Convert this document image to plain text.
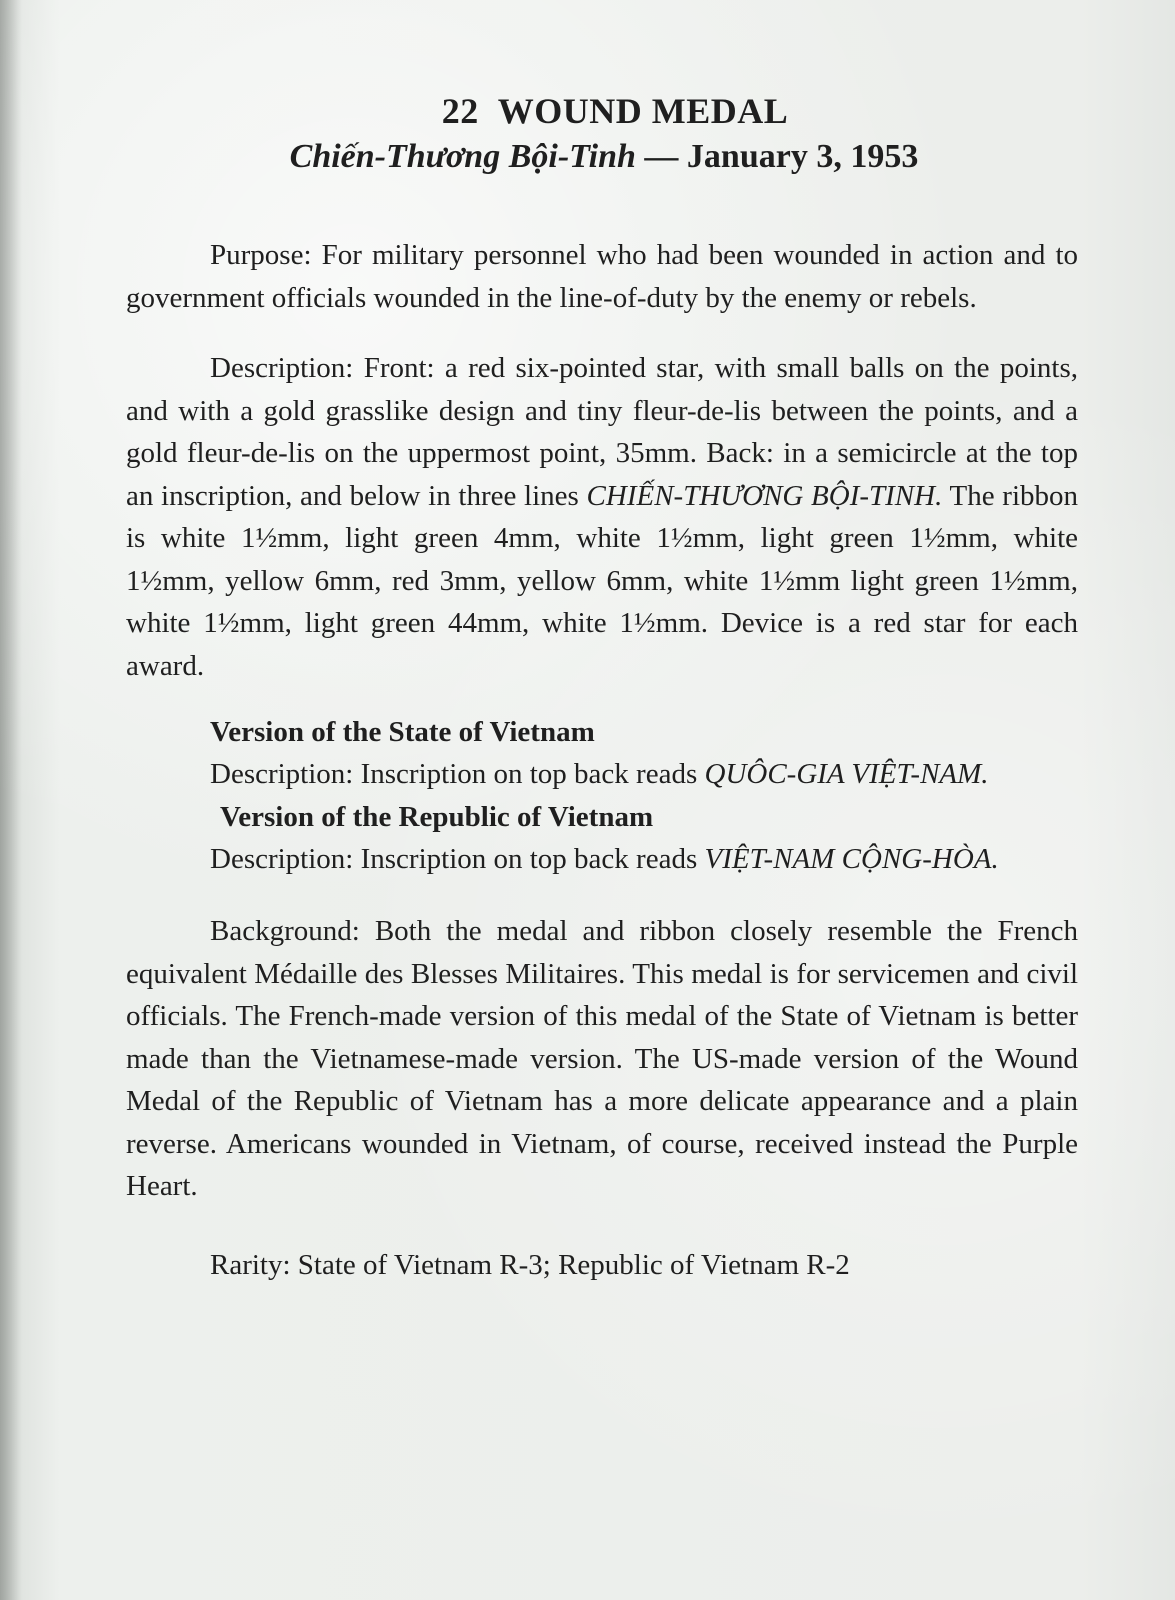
22 WOUND MEDAL
Chiến-Thương Bội-Tinh — January 3, 1953

Purpose: For military personnel who had been wounded in action and to government officials wounded in the line-of-duty by the enemy or rebels.

Description: Front: a red six-pointed star, with small balls on the points, and with a gold grasslike design and tiny fleur-de-lis between the points, and a gold fleur-de-lis on the uppermost point, 35mm. Back: in a semicircle at the top an inscription, and below in three lines CHIẾN-THƯƠNG BỘI-TINH. The ribbon is white 1½mm, light green 4mm, white 1½mm, light green 1½mm, white 1½mm, yellow 6mm, red 3mm, yellow 6mm, white 1½mm light green 1½mm, white 1½mm, light green 44mm, white 1½mm. Device is a red star for each award.

Version of the State of Vietnam

Description: Inscription on top back reads QUÔC-GIA VIỆT-NAM.

Version of the Republic of Vietnam

Description: Inscription on top back reads VIỆT-NAM CỘNG-HÒA.

Background: Both the medal and ribbon closely resemble the French equivalent Médaille des Blesses Militaires. This medal is for servicemen and civil officials. The French-made version of this medal of the State of Vietnam is better made than the Vietnamese-made version. The US-made version of the Wound Medal of the Republic of Vietnam has a more delicate appearance and a plain reverse. Americans wounded in Vietnam, of course, received instead the Purple Heart.

Rarity: State of Vietnam R-3; Republic of Vietnam R-2
